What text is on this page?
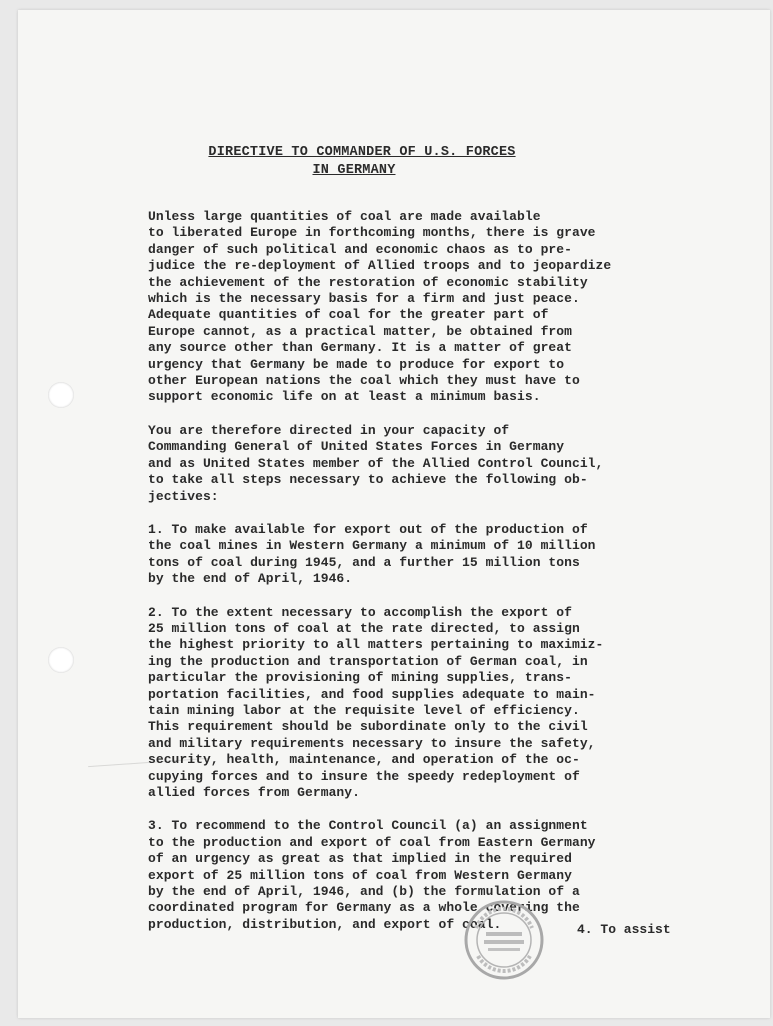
DIRECTIVE TO COMMANDER OF U.S. FORCES
IN GERMANY

Unless large quantities of coal are made available
to liberated Europe in forthcoming months, there is grave
danger of such political and economic chaos as to pre-
judice the re-deployment of Allied troops and to jeopardize
the achievement of the restoration of economic stability
which is the necessary basis for a firm and just peace.
Adequate quantities of coal for the greater part of
Europe cannot, as a practical matter, be obtained from
any source other than Germany. It is a matter of great
urgency that Germany be made to produce for export to
other European nations the coal which they must have to
support economic life on at least a minimum basis.

You are therefore directed in your capacity of
Commanding General of United States Forces in Germany
and as United States member of the Allied Control Council,
to take all steps necessary to achieve the following ob-
jectives:

1. To make available for export out of the production of
the coal mines in Western Germany a minimum of 10 million
tons of coal during 1945, and a further 15 million tons
by the end of April, 1946.

2. To the extent necessary to accomplish the export of
25 million tons of coal at the rate directed, to assign
the highest priority to all matters pertaining to maximiz-
ing the production and transportation of German coal, in
particular the provisioning of mining supplies, trans-
portation facilities, and food supplies adequate to main-
tain mining labor at the requisite level of efficiency.
This requirement should be subordinate only to the civil
and military requirements necessary to insure the safety,
security, health, maintenance, and operation of the oc-
cupying forces and to insure the speedy redeployment of
allied forces from Germany.

3. To recommend to the Control Council (a) an assignment
to the production and export of coal from Eastern Germany
of an urgency as great as that implied in the required
export of 25 million tons of coal from Western Germany
by the end of April, 1946, and (b) the formulation of a
coordinated program for Germany as a whole covering the
production, distribution, and export of coal.	4. To assist
